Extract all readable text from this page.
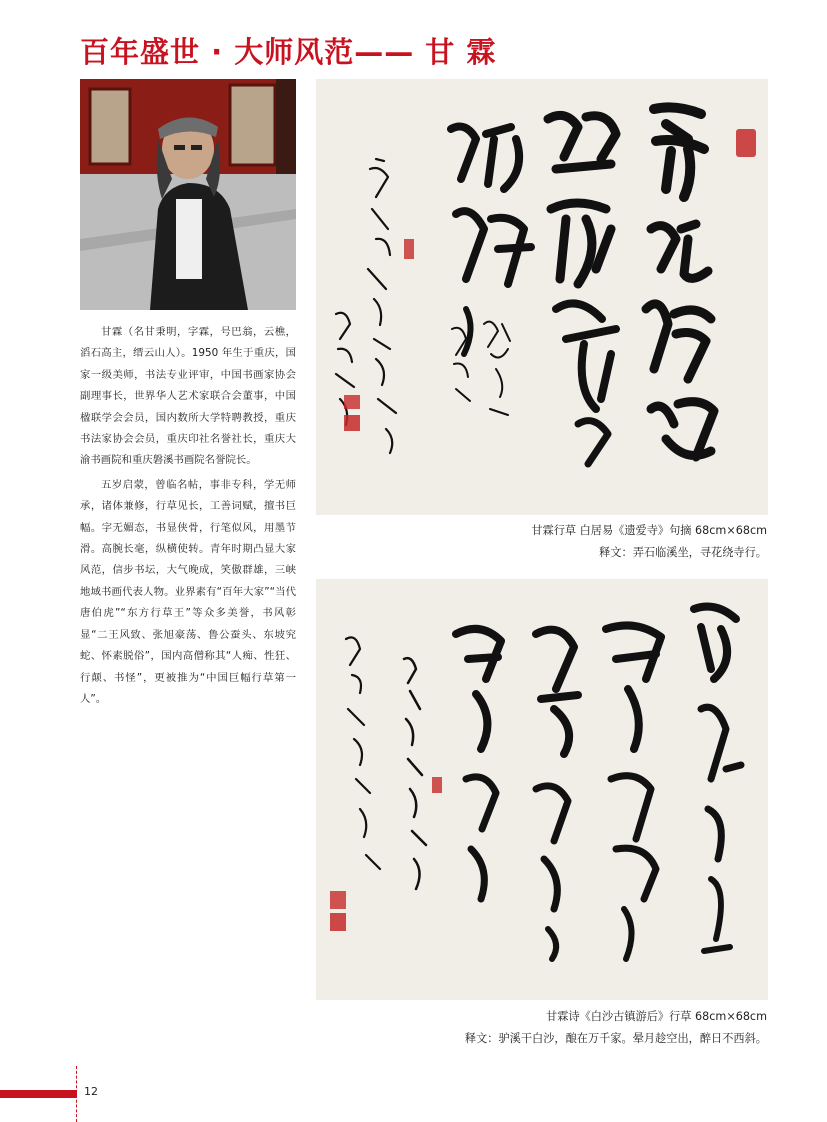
百年盛世 · 大师风范—— 甘 霖

甘霖（名甘秉明，字霖，号巴翁，云樵，滔石高主，缙云山人）。1950 年生于重庆，国家一级美师，书法专业评审，中国书画家协会副理事长，世界华人艺术家联合会董事，中国楹联学会会员，国内数所大学特聘教授，重庆书法家协会会员，重庆印社名誉社长，重庆大渝书画院和重庆磐溪书画院名誉院长。

五岁启蒙，曾临名帖，事非专科，学无师承，诸体兼修，行草见长，工善词赋，擅书巨幅。字无媚态，书显侠骨，行笔似风，用墨节滑。高腕长毫，纵横使转。青年时期凸显大家风范，信步书坛，大气晚成，笑傲群雄，三峡地域书画代表人物。业界素有“百年大家”“当代唐伯虎”“东方行草王”等众多美誉，书风彰显“二王风致、张旭豪荡、鲁公蚕头、东坡究蛇、怀素脱俗”，国内高僧称其“人痴、性狂、行颠、书怪”，更被推为“中国巨幅行草第一人”。

甘霖行草 白居易《遗爱寺》句摘 68cm×68cm
释文：弄石临溪坐，寻花绕寺行。
甘霖诗《白沙古镇游后》行草 68cm×68cm
释文：驴溪干白沙，酿在万千家。晕月趁空出，醉日不西斜。
12
